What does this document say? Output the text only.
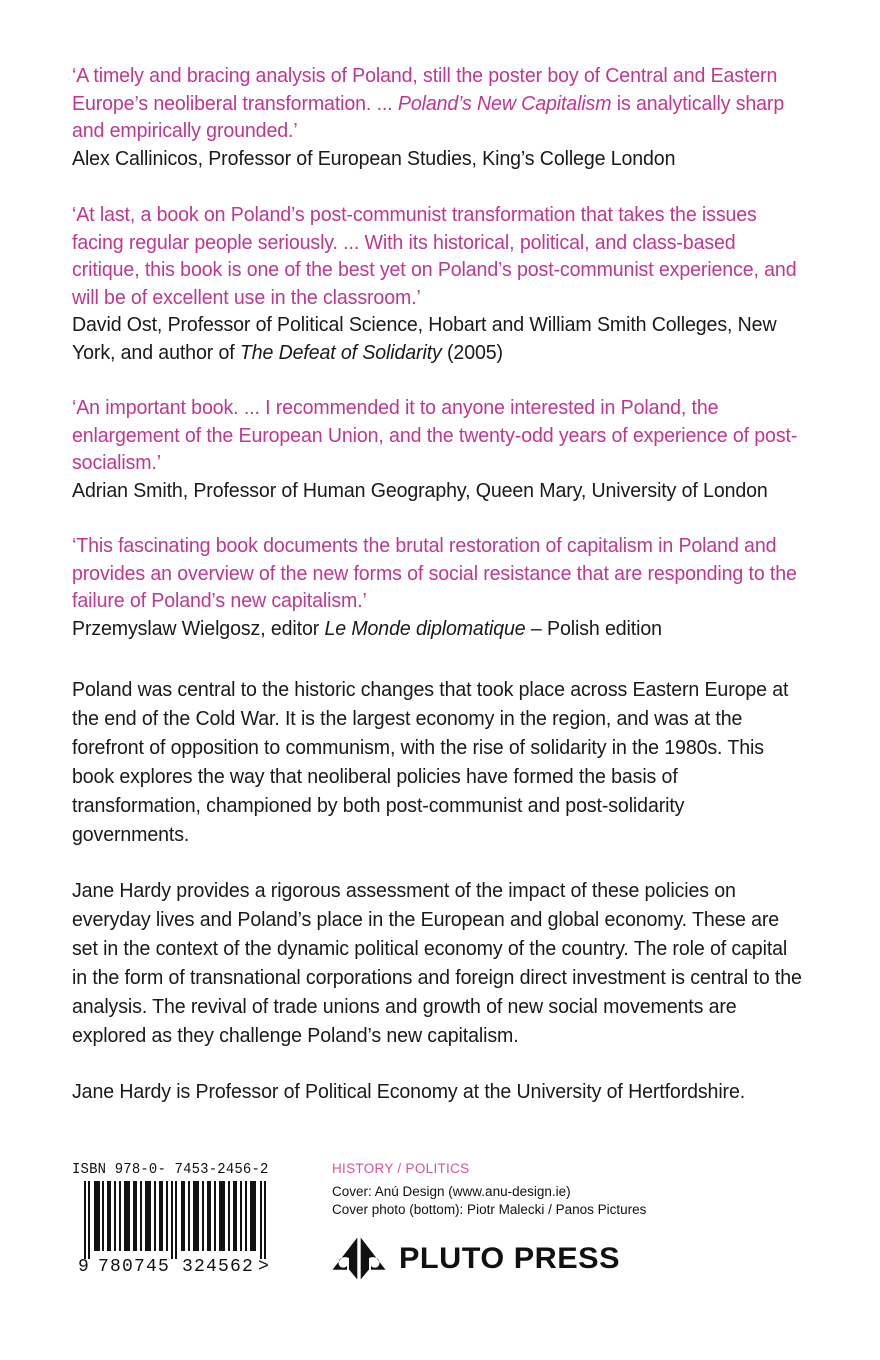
‘A timely and bracing analysis of Poland, still the poster boy of Central and Eastern Europe’s neoliberal transformation. ... Poland’s New Capitalism is analytically sharp and empirically grounded.’

Alex Callinicos, Professor of European Studies, King’s College London

‘At last, a book on Poland’s post-communist transformation that takes the issues facing regular people seriously. ... With its historical, political, and class-based critique, this book is one of the best yet on Poland’s post-communist experience, and will be of excellent use in the classroom.’

David Ost, Professor of Political Science, Hobart and William Smith Colleges, New York, and author of The Defeat of Solidarity (2005)

‘An important book. ... I recommended it to anyone interested in Poland, the enlargement of the European Union, and the twenty-odd years of experience of post-socialism.’

Adrian Smith, Professor of Human Geography, Queen Mary, University of London

‘This fascinating book documents the brutal restoration of capitalism in Poland and provides an overview of the new forms of social resistance that are responding to the failure of Poland’s new capitalism.’

Przemyslaw Wielgosz, editor Le Monde diplomatique – Polish edition

Poland was central to the historic changes that took place across Eastern Europe at the end of the Cold War. It is the largest economy in the region, and was at the forefront of opposition to communism, with the rise of solidarity in the 1980s. This book explores the way that neoliberal policies have formed the basis of transformation, championed by both post-communist and post-solidarity governments.

Jane Hardy provides a rigorous assessment of the impact of these policies on everyday lives and Poland’s place in the European and global economy. These are set in the context of the dynamic political economy of the country. The role of capital in the form of transnational corporations and foreign direct investment is central to the analysis. The revival of trade unions and growth of new social movements are explored as they challenge Poland’s new capitalism.

Jane Hardy is Professor of Political Economy at the University of Hertfordshire.

ISBN 978-0- 7453-2456-2
9 780745 324562 >

HISTORY / POLITICS

Cover: Anú Design (www.anu-design.ie)

Cover photo (bottom): Piotr Malecki / Panos Pictures

PLUTO PRESS
